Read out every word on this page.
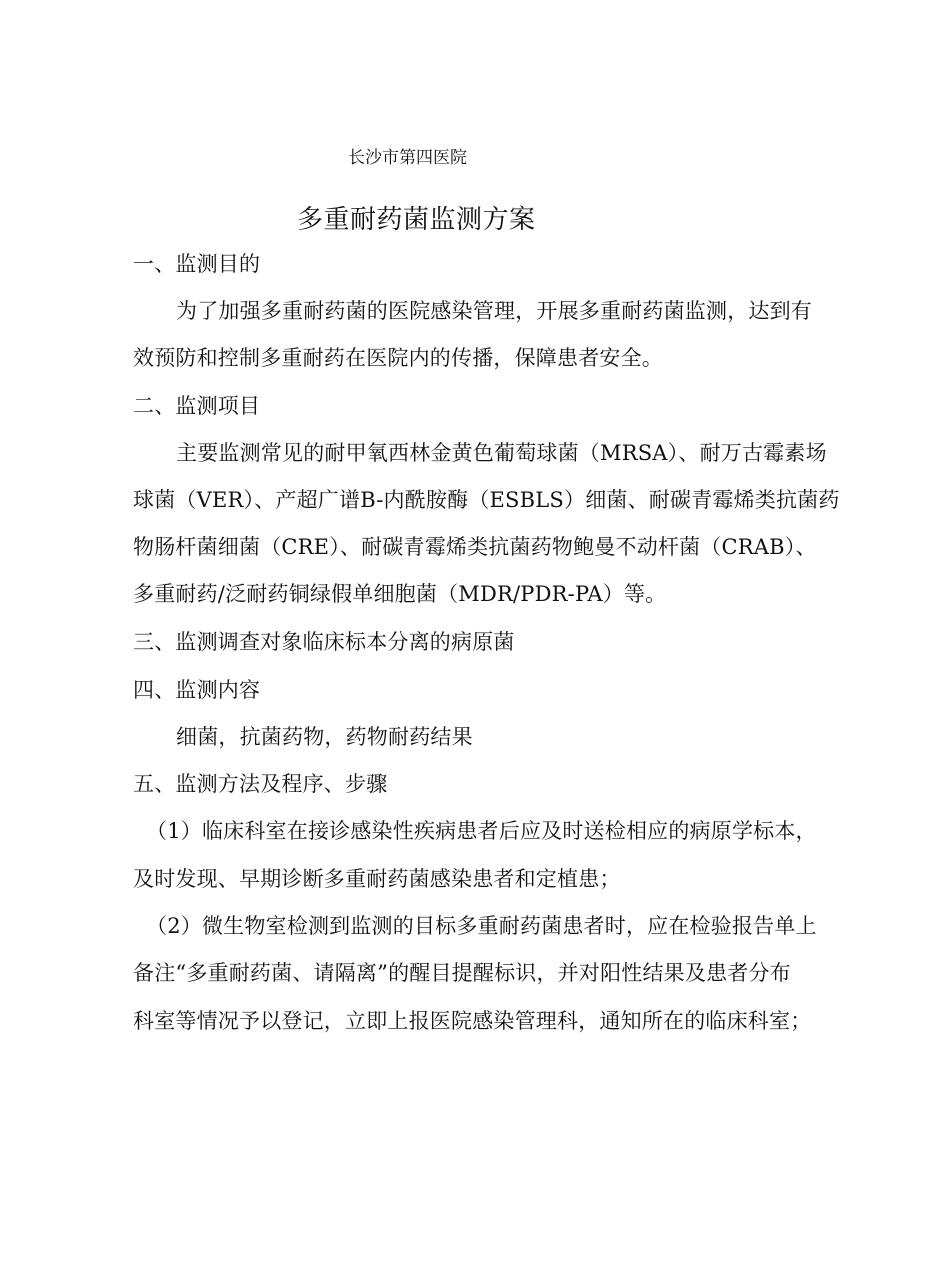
长沙市第四医院
多重耐药菌监测方案
一、监测目的
为了加强多重耐药菌的医院感染管理，开展多重耐药菌监测，达到有
效预防和控制多重耐药在医院内的传播，保障患者安全。
二、监测项目
主要监测常见的耐甲氧西林金黄色葡萄球菌（MRSA）、耐万古霉素场
球菌（VER）、产超广谱B-内酰胺酶（ESBLS）细菌、耐碳青霉烯类抗菌药
物肠杆菌细菌（CRE）、耐碳青霉烯类抗菌药物鲍曼不动杆菌（CRAB）、
多重耐药/泛耐药铜绿假单细胞菌（MDR/PDR-PA）等。
三、监测调查对象临床标本分离的病原菌
四、监测内容
细菌，抗菌药物，药物耐药结果
五、监测方法及程序、步骤
（1）临床科室在接诊感染性疾病患者后应及时送检相应的病原学标本，
及时发现、早期诊断多重耐药菌感染患者和定植患；
（2）微生物室检测到监测的目标多重耐药菌患者时，应在检验报告单上
备注“多重耐药菌、请隔离”的醒目提醒标识，并对阳性结果及患者分布
科室等情况予以登记，立即上报医院感染管理科，通知所在的临床科室；
